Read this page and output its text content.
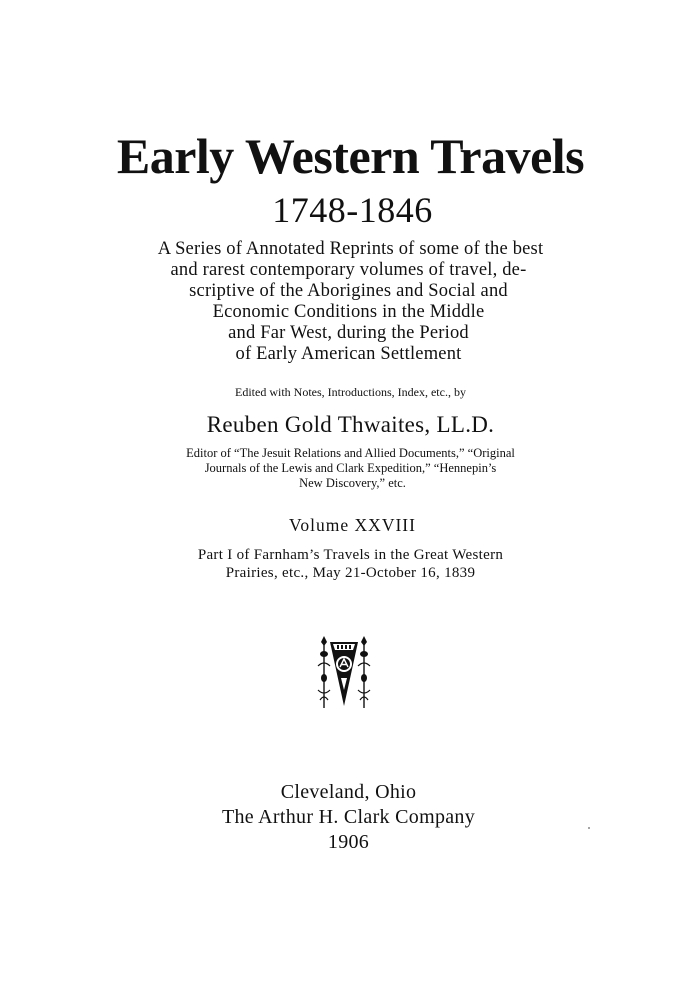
Early Western Travels
1748-1846
A Series of Annotated Reprints of some of the best
and rarest contemporary volumes of travel, de-
scriptive of the Aborigines and Social and
Economic Conditions in the Middle
and Far West, during the Period
of Early American Settlement
Edited with Notes, Introductions, Index, etc., by
Reuben Gold Thwaites, LL.D.
Editor of “The Jesuit Relations and Allied Documents,” “Original
Journals of the Lewis and Clark Expedition,” “Hennepin’s
New Discovery,” etc.
Volume XXVIII
Part I of Farnham’s Travels in the Great Western
Prairies, etc., May 21-October 16, 1839
Cleveland, Ohio
The Arthur H. Clark Company
1906
